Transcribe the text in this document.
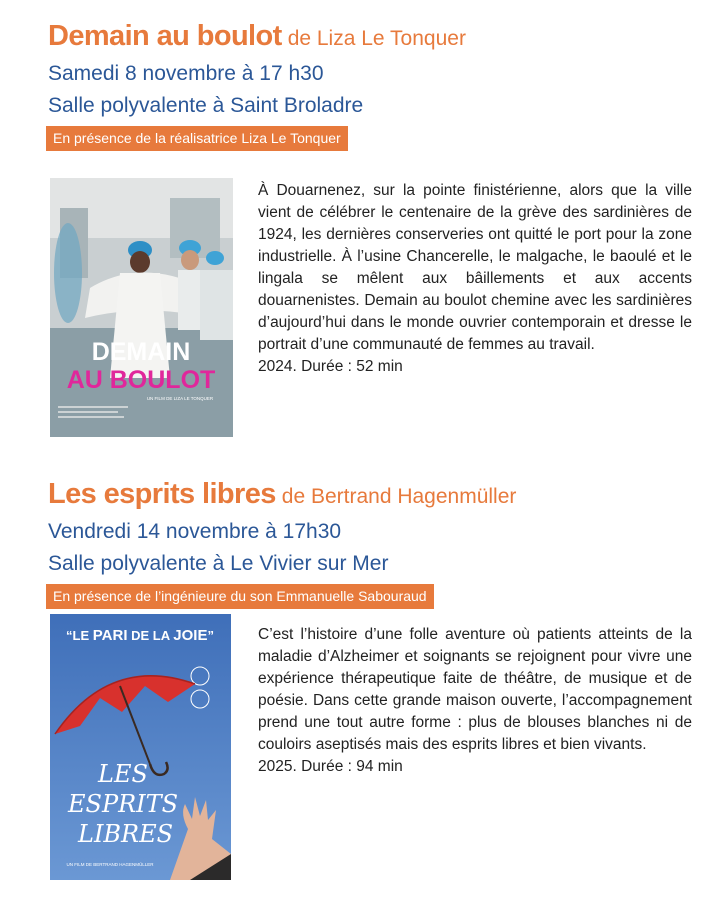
Demain au boulot de Liza Le Tonquer
Samedi 8 novembre à 17 h30
Salle polyvalente à Saint Broladre
En présence de la réalisatrice Liza Le Tonquer
DEMAIN
AU BOULOT
UN FILM DE LIZA LE TONQUER
À Douarnenez, sur la pointe finistérienne, alors que la ville vient de célébrer le centenaire de la grève des sardinières de 1924, les dernières conserveries ont quitté le port pour la zone industrielle. À l’usine Chancerelle, le malgache, le baoulé et le lingala se mêlent aux bâillements et aux accents douarnenistes. Demain au boulot chemine avec les sardinières d’aujourd’hui dans le monde ouvrier contemporain et dresse le portrait d’une communauté de femmes au travail.
2024. Durée : 52 min
Les esprits libres de Bertrand Hagenmüller
Vendredi 14 novembre à 17h30
Salle polyvalente à Le Vivier sur Mer
En présence de l’ingénieure du son Emmanuelle Sabouraud
“LE PARI DE LA JOIE”
LES
ESPRITS
LIBRES
UN FILM DE BERTRAND HAGENMÜLLER
C’est l’histoire d’une folle aventure où patients atteints de la maladie d’Alzheimer et soignants se rejoignent pour vivre une expérience thérapeutique faite de théâtre, de musique et de poésie. Dans cette grande maison ouverte, l’accompagnement prend une tout autre forme : plus de blouses blanches ni de couloirs aseptisés mais des esprits libres et bien vivants.
2025. Durée : 94 min
